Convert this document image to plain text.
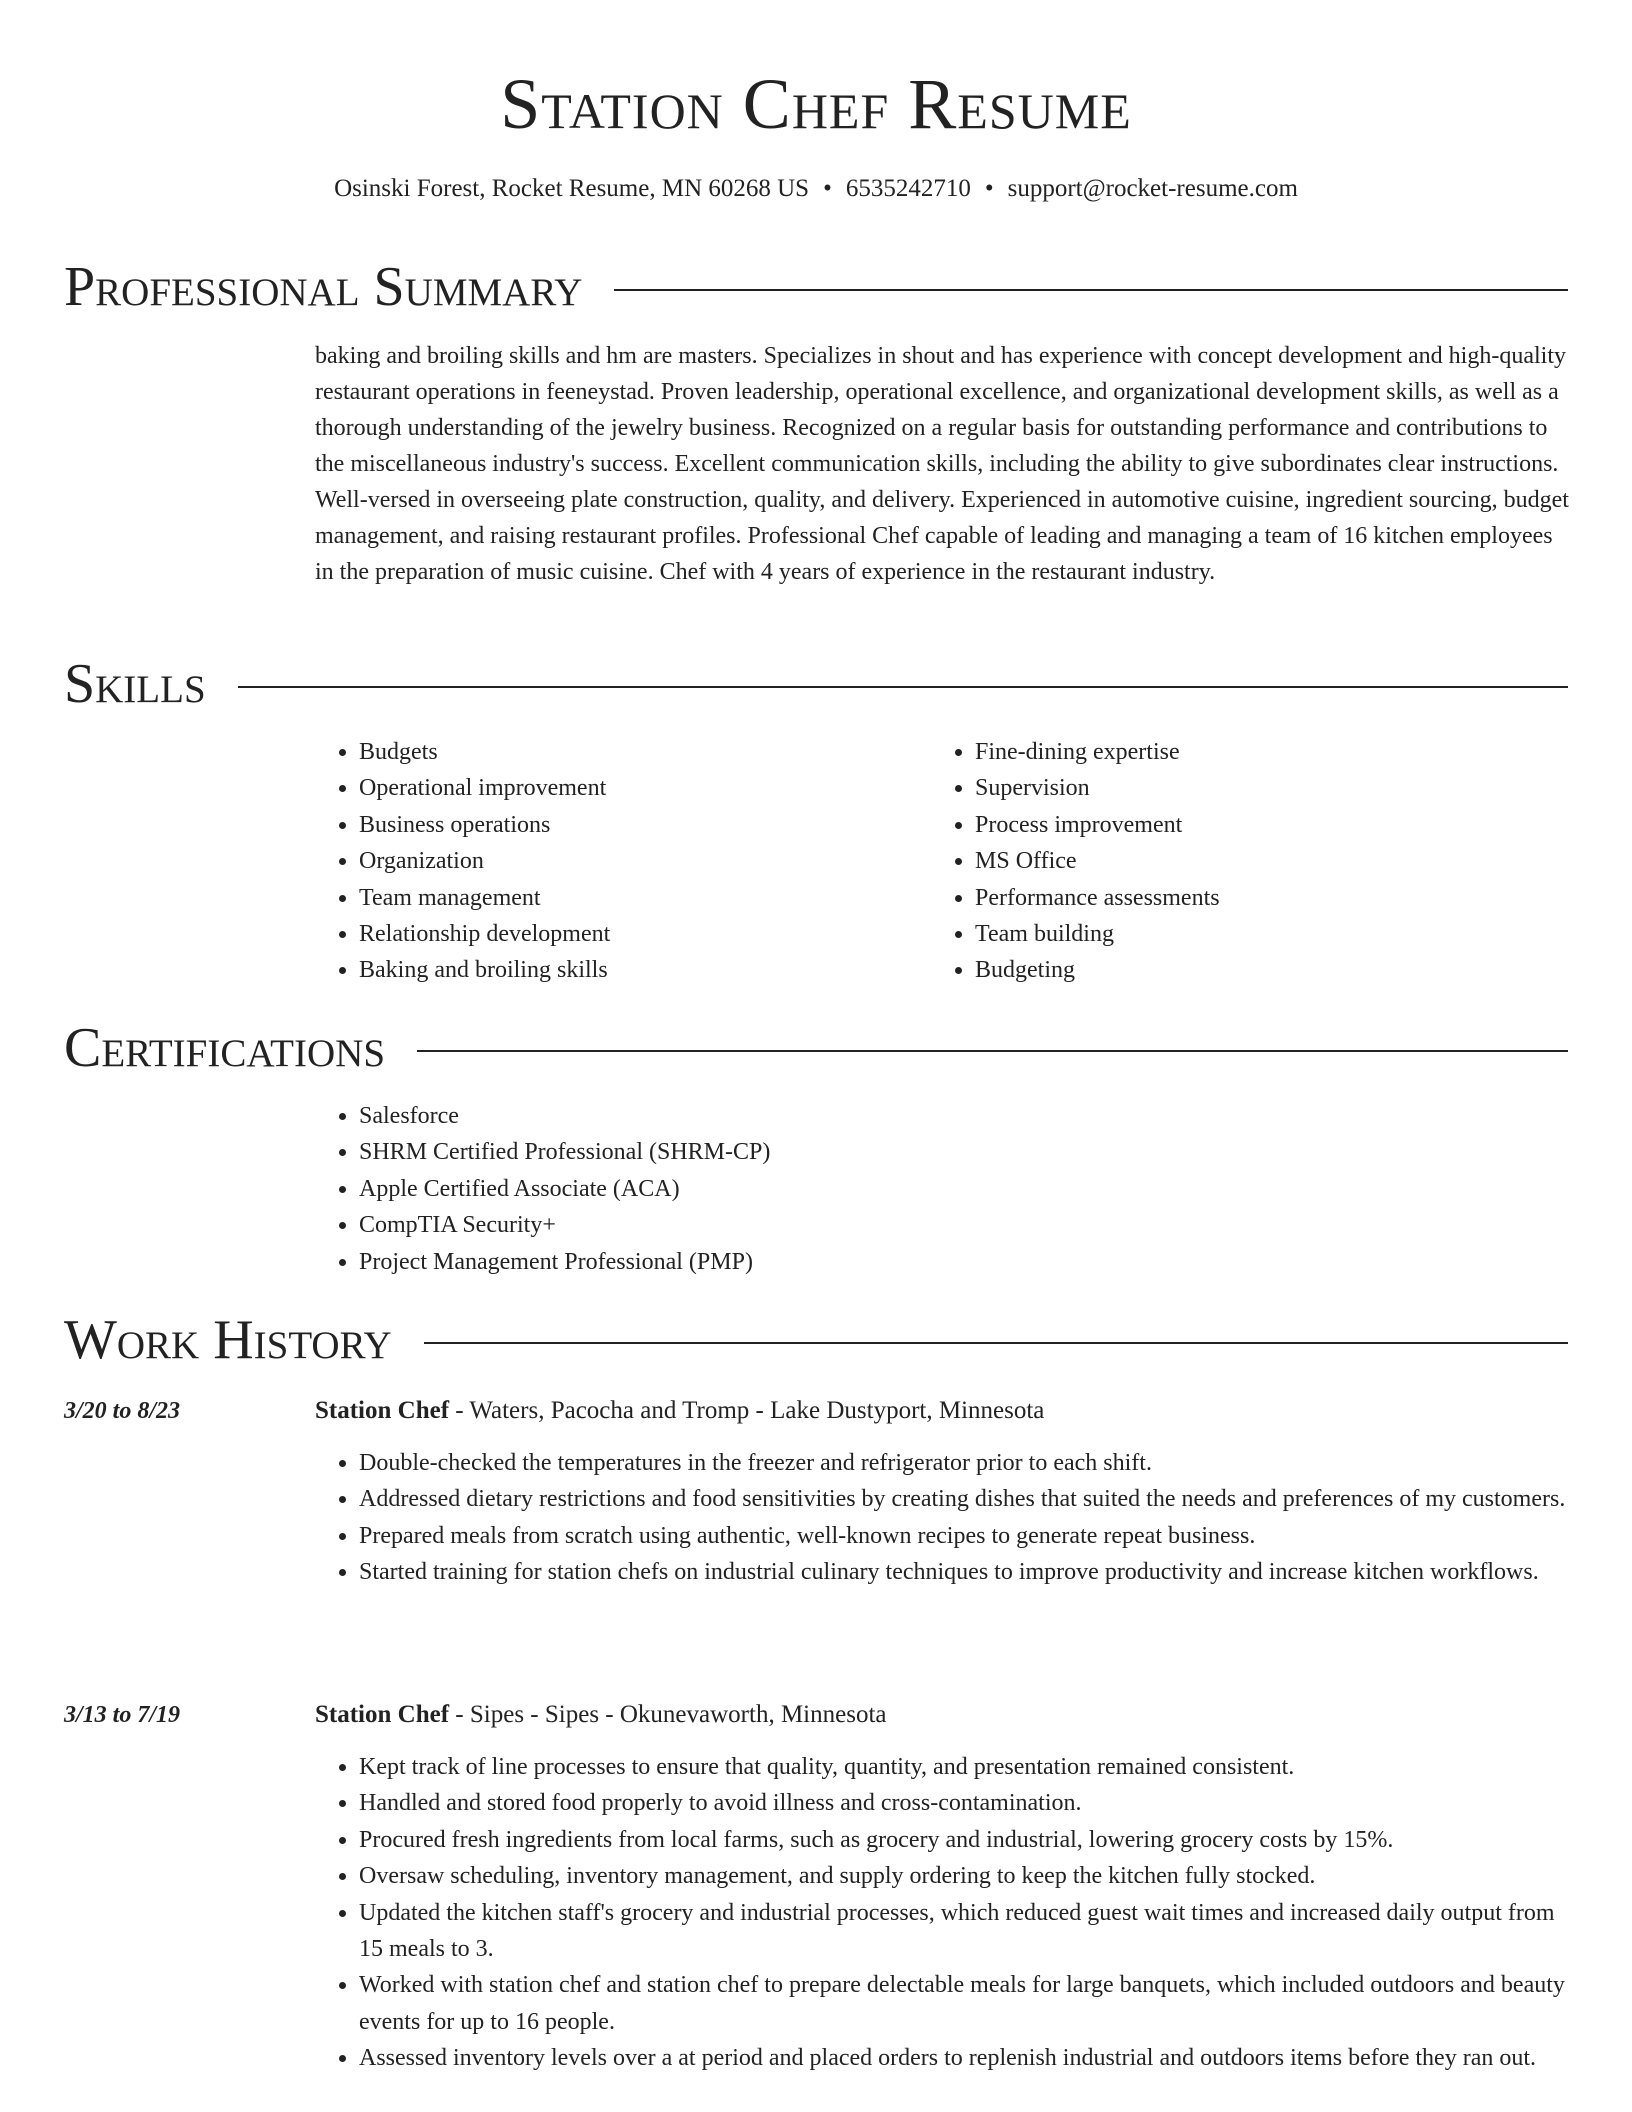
Station Chef Resume
Osinski Forest, Rocket Resume, MN 60268 US • 6535242710 • support@rocket-resume.com
Professional Summary

baking and broiling skills and hm are masters. Specializes in shout and has experience with concept development and high-quality restaurant operations in feeneystad. Proven leadership, operational excellence, and organizational development skills, as well as a thorough understanding of the jewelry business. Recognized on a regular basis for outstanding performance and contributions to the miscellaneous industry's success. Excellent communication skills, including the ability to give subordinates clear instructions. Well-versed in overseeing plate construction, quality, and delivery. Experienced in automotive cuisine, ingredient sourcing, budget management, and raising restaurant profiles. Professional Chef capable of leading and managing a team of 16 kitchen employees in the preparation of music cuisine. Chef with 4 years of experience in the restaurant industry.

Skills
• Budgets
• Operational improvement
• Business operations
• Organization
• Team management
• Relationship development
• Baking and broiling skills
• Fine-dining expertise
• Supervision
• Process improvement
• MS Office
• Performance assessments
• Team building
• Budgeting
Certifications
• Salesforce
• SHRM Certified Professional (SHRM-CP)
• Apple Certified Associate (ACA)
• CompTIA Security+
• Project Management Professional (PMP)
Work History
3/20 to 8/23	Station Chef - Waters, Pacocha and Tromp - Lake Dustyport, Minnesota
• Double-checked the temperatures in the freezer and refrigerator prior to each shift.
• Addressed dietary restrictions and food sensitivities by creating dishes that suited the needs and preferences of my customers.
• Prepared meals from scratch using authentic, well-known recipes to generate repeat business.
• Started training for station chefs on industrial culinary techniques to improve productivity and increase kitchen workflows.
3/13 to 7/19	Station Chef - Sipes - Sipes - Okunevaworth, Minnesota
• Kept track of line processes to ensure that quality, quantity, and presentation remained consistent.
• Handled and stored food properly to avoid illness and cross-contamination.
• Procured fresh ingredients from local farms, such as grocery and industrial, lowering grocery costs by 15%.
• Oversaw scheduling, inventory management, and supply ordering to keep the kitchen fully stocked.
• Updated the kitchen staff's grocery and industrial processes, which reduced guest wait times and increased daily output from 15 meals to 3.
• Worked with station chef and station chef to prepare delectable meals for large banquets, which included outdoors and beauty events for up to 16 people.
• Assessed inventory levels over a at period and placed orders to replenish industrial and outdoors items before they ran out.
